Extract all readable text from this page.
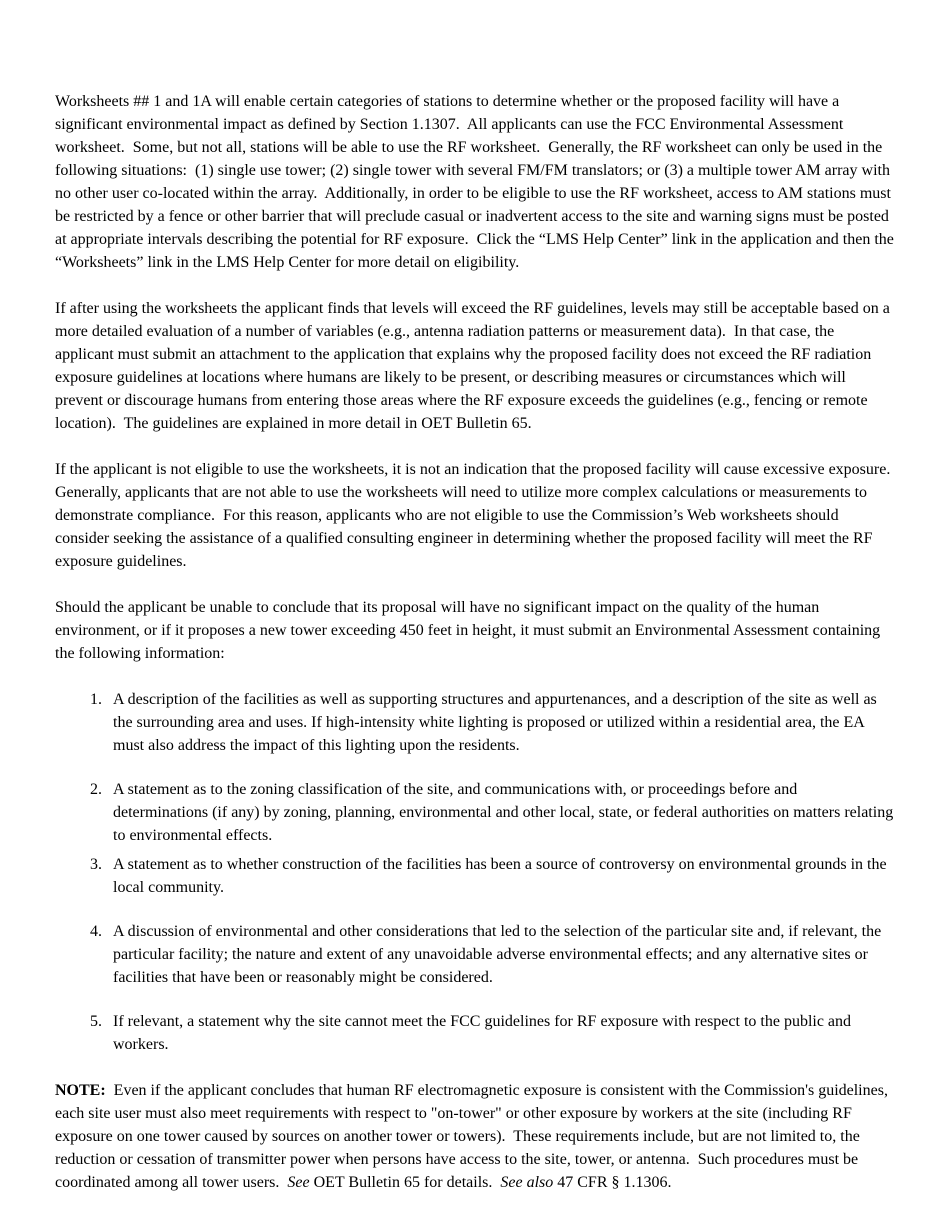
Worksheets ## 1 and 1A will enable certain categories of stations to determine whether or the proposed facility will have a significant environmental impact as defined by Section 1.1307.  All applicants can use the FCC Environmental Assessment worksheet.  Some, but not all, stations will be able to use the RF worksheet.  Generally, the RF worksheet can only be used in the following situations:  (1) single use tower; (2) single tower with several FM/FM translators; or (3) a multiple tower AM array with no other user co-located within the array.  Additionally, in order to be eligible to use the RF worksheet, access to AM stations must be restricted by a fence or other barrier that will preclude casual or inadvertent access to the site and warning signs must be posted at appropriate intervals describing the potential for RF exposure.  Click the “LMS Help Center” link in the application and then the “Worksheets” link in the LMS Help Center for more detail on eligibility.

If after using the worksheets the applicant finds that levels will exceed the RF guidelines, levels may still be acceptable based on a more detailed evaluation of a number of variables (e.g., antenna radiation patterns or measurement data).  In that case, the applicant must submit an attachment to the application that explains why the proposed facility does not exceed the RF radiation exposure guidelines at locations where humans are likely to be present, or describing measures or circumstances which will prevent or discourage humans from entering those areas where the RF exposure exceeds the guidelines (e.g., fencing or remote location).  The guidelines are explained in more detail in OET Bulletin 65.

If the applicant is not eligible to use the worksheets, it is not an indication that the proposed facility will cause excessive exposure.  Generally, applicants that are not able to use the worksheets will need to utilize more complex calculations or measurements to demonstrate compliance.  For this reason, applicants who are not eligible to use the Commission’s Web worksheets should consider seeking the assistance of a qualified consulting engineer in determining whether the proposed facility will meet the RF exposure guidelines.

Should the applicant be unable to conclude that its proposal will have no significant impact on the quality of the human environment, or if it proposes a new tower exceeding 450 feet in height, it must submit an Environmental Assessment containing the following information:

1. A description of the facilities as well as supporting structures and appurtenances, and a description of the site as well as the surrounding area and uses. If high-intensity white lighting is proposed or utilized within a residential area, the EA must also address the impact of this lighting upon the residents.
2. A statement as to the zoning classification of the site, and communications with, or proceedings before and determinations (if any) by zoning, planning, environmental and other local, state, or federal authorities on matters relating to environmental effects.
3. A statement as to whether construction of the facilities has been a source of controversy on environmental grounds in the local community.
4. A discussion of environmental and other considerations that led to the selection of the particular site and, if relevant, the particular facility; the nature and extent of any unavoidable adverse environmental effects; and any alternative sites or facilities that have been or reasonably might be considered.
5. If relevant, a statement why the site cannot meet the FCC guidelines for RF exposure with respect to the public and workers.

NOTE:  Even if the applicant concludes that human RF electromagnetic exposure is consistent with the Commission's guidelines, each site user must also meet requirements with respect to "on-tower" or other exposure by workers at the site (including RF exposure on one tower caused by sources on another tower or towers).  These requirements include, but are not limited to, the reduction or cessation of transmitter power when persons have access to the site, tower, or antenna.  Such procedures must be coordinated among all tower users.  See OET Bulletin 65 for details.  See also 47 CFR § 1.1306.
